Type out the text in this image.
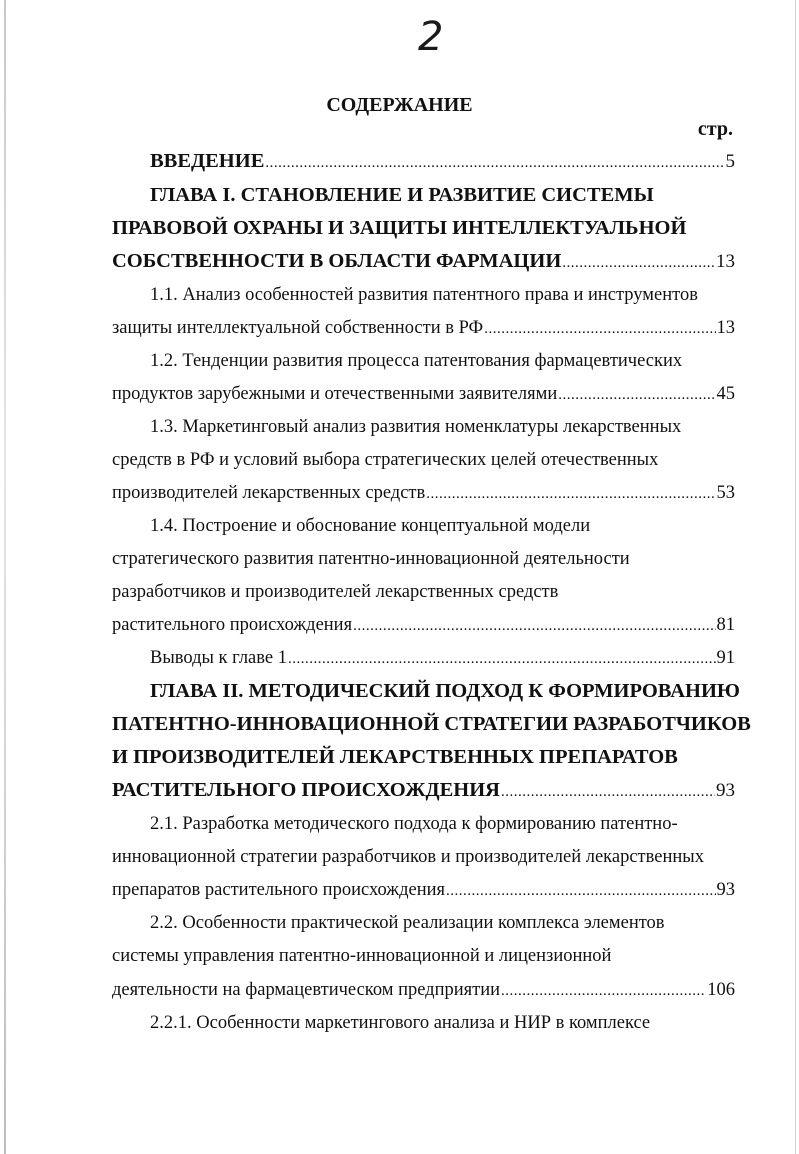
2
СОДЕРЖАНИЕ
стр.
ВВЕДЕНИЕ .....	5
ГЛАВА I. СТАНОВЛЕНИЕ И РАЗВИТИЕ СИСТЕМЫ
ПРАВОВОЙ ОХРАНЫ И ЗАЩИТЫ ИНТЕЛЛЕКТУАЛЬНОЙ
СОБСТВЕННОСТИ В ОБЛАСТИ ФАРМАЦИИ .....	13
1.1. Анализ особенностей развития патентного права и инструментов
защиты интеллектуальной собственности в РФ .....	13
1.2. Тенденции развития процесса патентования фармацевтических
продуктов зарубежными и отечественными заявителями .....	45
1.3. Маркетинговый анализ развития номенклатуры лекарственных
средств в РФ и условий выбора стратегических целей отечественных
производителей лекарственных средств .....	53
1.4. Построение и обоснование концептуальной модели
стратегического развития патентно-инновационной деятельности
разработчиков и производителей лекарственных средств
растительного происхождения .....	81
Выводы к главе 1 .....	91
ГЛАВА II. МЕТОДИЧЕСКИЙ ПОДХОД К ФОРМИРОВАНИЮ
ПАТЕНТНО-ИННОВАЦИОННОЙ СТРАТЕГИИ РАЗРАБОТЧИКОВ
И ПРОИЗВОДИТЕЛЕЙ ЛЕКАРСТВЕННЫХ ПРЕПАРАТОВ
РАСТИТЕЛЬНОГО ПРОИСХОЖДЕНИЯ .....	93
2.1. Разработка методического подхода к формированию патентно-
инновационной стратегии разработчиков и производителей лекарственных
препаратов растительного происхождения .....	93
2.2. Особенности практической реализации комплекса элементов
системы управления патентно-инновационной и лицензионной
деятельности на фармацевтическом предприятии .....	106
2.2.1. Особенности маркетингового анализа и НИР в комплексе
